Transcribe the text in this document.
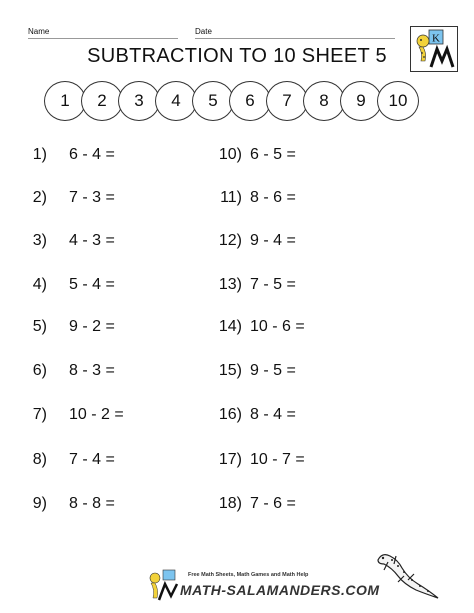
Name	Date
SUBTRACTION TO 10 SHEET 5
K
1	2	3	4	5	6	7	8	9	10
1) 6 - 4 =
2) 7 - 3 =
3) 4 - 3 =
4) 5 - 4 =
5) 9 - 2 =
6) 8 - 3 =
7) 10 - 2 =
8) 7 - 4 =
9) 8 - 8 =
10) 6 - 5 =
11) 8 - 6 =
12) 9 - 4 =
13) 7 - 5 =
14) 10 - 6 =
15) 9 - 5 =
16) 8 - 4 =
17) 10 - 7 =
18) 7 - 6 =
Free Math Sheets, Math Games and Math Help
MATH-SALAMANDERS.COM
